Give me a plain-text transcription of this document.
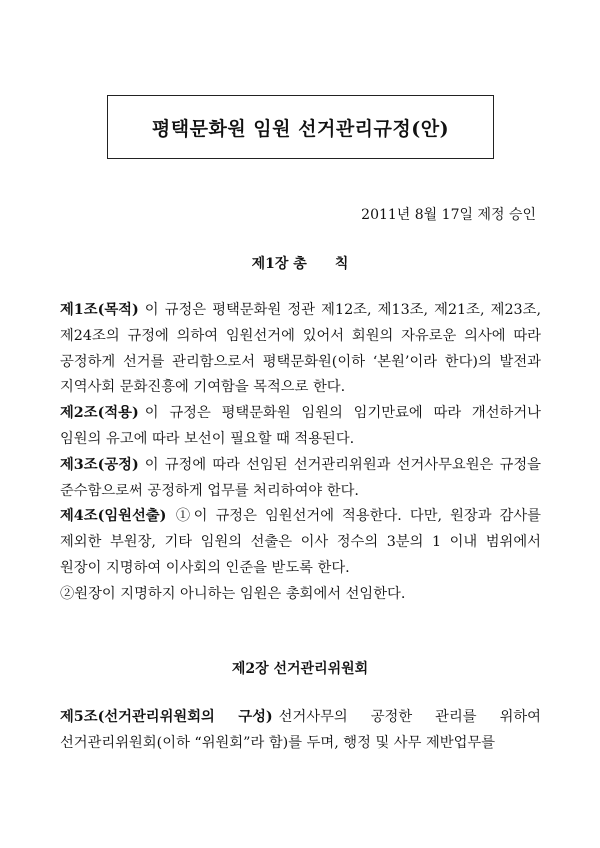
평택문화원 임원 선거관리규정(안)
2011년 8월 17일 제정 승인
제1장 총 칙

제1조(목적) 이 규정은 평택문화원 정관 제12조, 제13조, 제21조, 제23조, 제24조의 규정에 의하여 임원선거에 있어서 회원의 자유로운 의사에 따라 공정하게 선거를 관리함으로서 평택문화원(이하 ‘본원’이라 한다)의 발전과 지역사회 문화진흥에 기여함을 목적으로 한다.

제2조(적용) 이 규정은 평택문화원 임원의 임기만료에 따라 개선하거나 임원의 유고에 따라 보선이 필요할 때 적용된다.

제3조(공정) 이 규정에 따라 선임된 선거관리위원과 선거사무요원은 규정을 준수함으로써 공정하게 업무를 처리하여야 한다.

제4조(임원선출) ①이 규정은 임원선거에 적용한다. 다만, 원장과 감사를 제외한 부원장, 기타 임원의 선출은 이사 정수의 3분의 1 이내 범위에서 원장이 지명하여 이사회의 인준을 받도록 한다.

②원장이 지명하지 아니하는 임원은 총회에서 선임한다.

제2장 선거관리위원회

제5조(선거관리위원회의 구성) 선거사무의 공정한 관리를 위하여 선거관리위원회(이하 “위원회”라 함)를 두며, 행정 및 사무 제반업무를
